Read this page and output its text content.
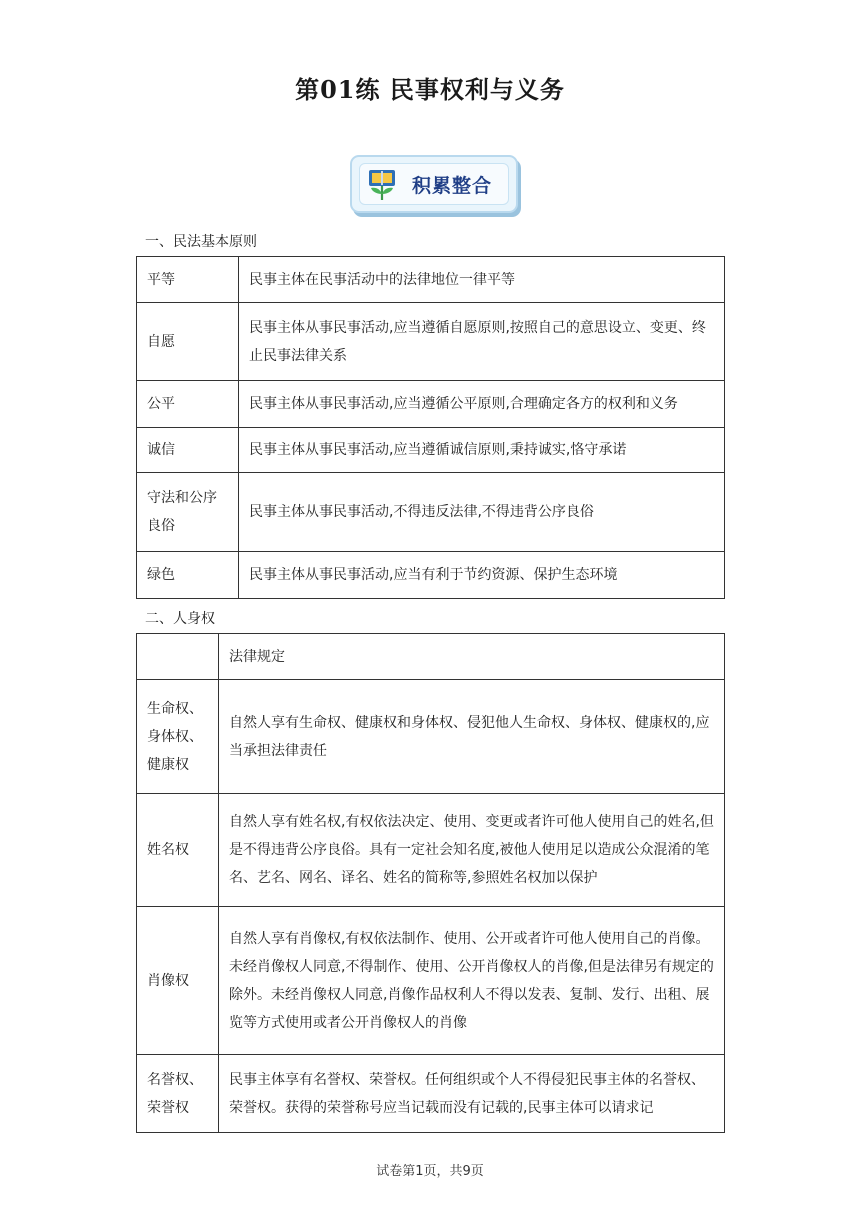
第01练 民事权利与义务
积累整合
一、民法基本原则
平等	民事主体在民事活动中的法律地位一律平等
自愿	民事主体从事民事活动,应当遵循自愿原则,按照自己的意思设立、变更、终止民事法律关系
公平	民事主体从事民事活动,应当遵循公平原则,合理确定各方的权利和义务
诚信	民事主体从事民事活动,应当遵循诚信原则,秉持诚实,恪守承诺
守法和公序良俗	民事主体从事民事活动,不得违反法律,不得违背公序良俗
绿色	民事主体从事民事活动,应当有利于节约资源、保护生态环境
二、人身权
	法律规定
生命权、身体权、健康权	自然人享有生命权、健康权和身体权、侵犯他人生命权、身体权、健康权的,应当承担法律责任
姓名权	自然人享有姓名权,有权依法决定、使用、变更或者许可他人使用自己的姓名,但是不得违背公序良俗。具有一定社会知名度,被他人使用足以造成公众混淆的笔名、艺名、网名、译名、姓名的简称等,参照姓名权加以保护
肖像权	自然人享有肖像权,有权依法制作、使用、公开或者许可他人使用自己的肖像。未经肖像权人同意,不得制作、使用、公开肖像权人的肖像,但是法律另有规定的除外。未经肖像权人同意,肖像作品权利人不得以发表、复制、发行、出租、展览等方式使用或者公开肖像权人的肖像
名誉权、荣誉权	民事主体享有名誉权、荣誉权。任何组织或个人不得侵犯民事主体的名誉权、荣誉权。获得的荣誉称号应当记载而没有记载的,民事主体可以请求记
试卷第1页，共9页
